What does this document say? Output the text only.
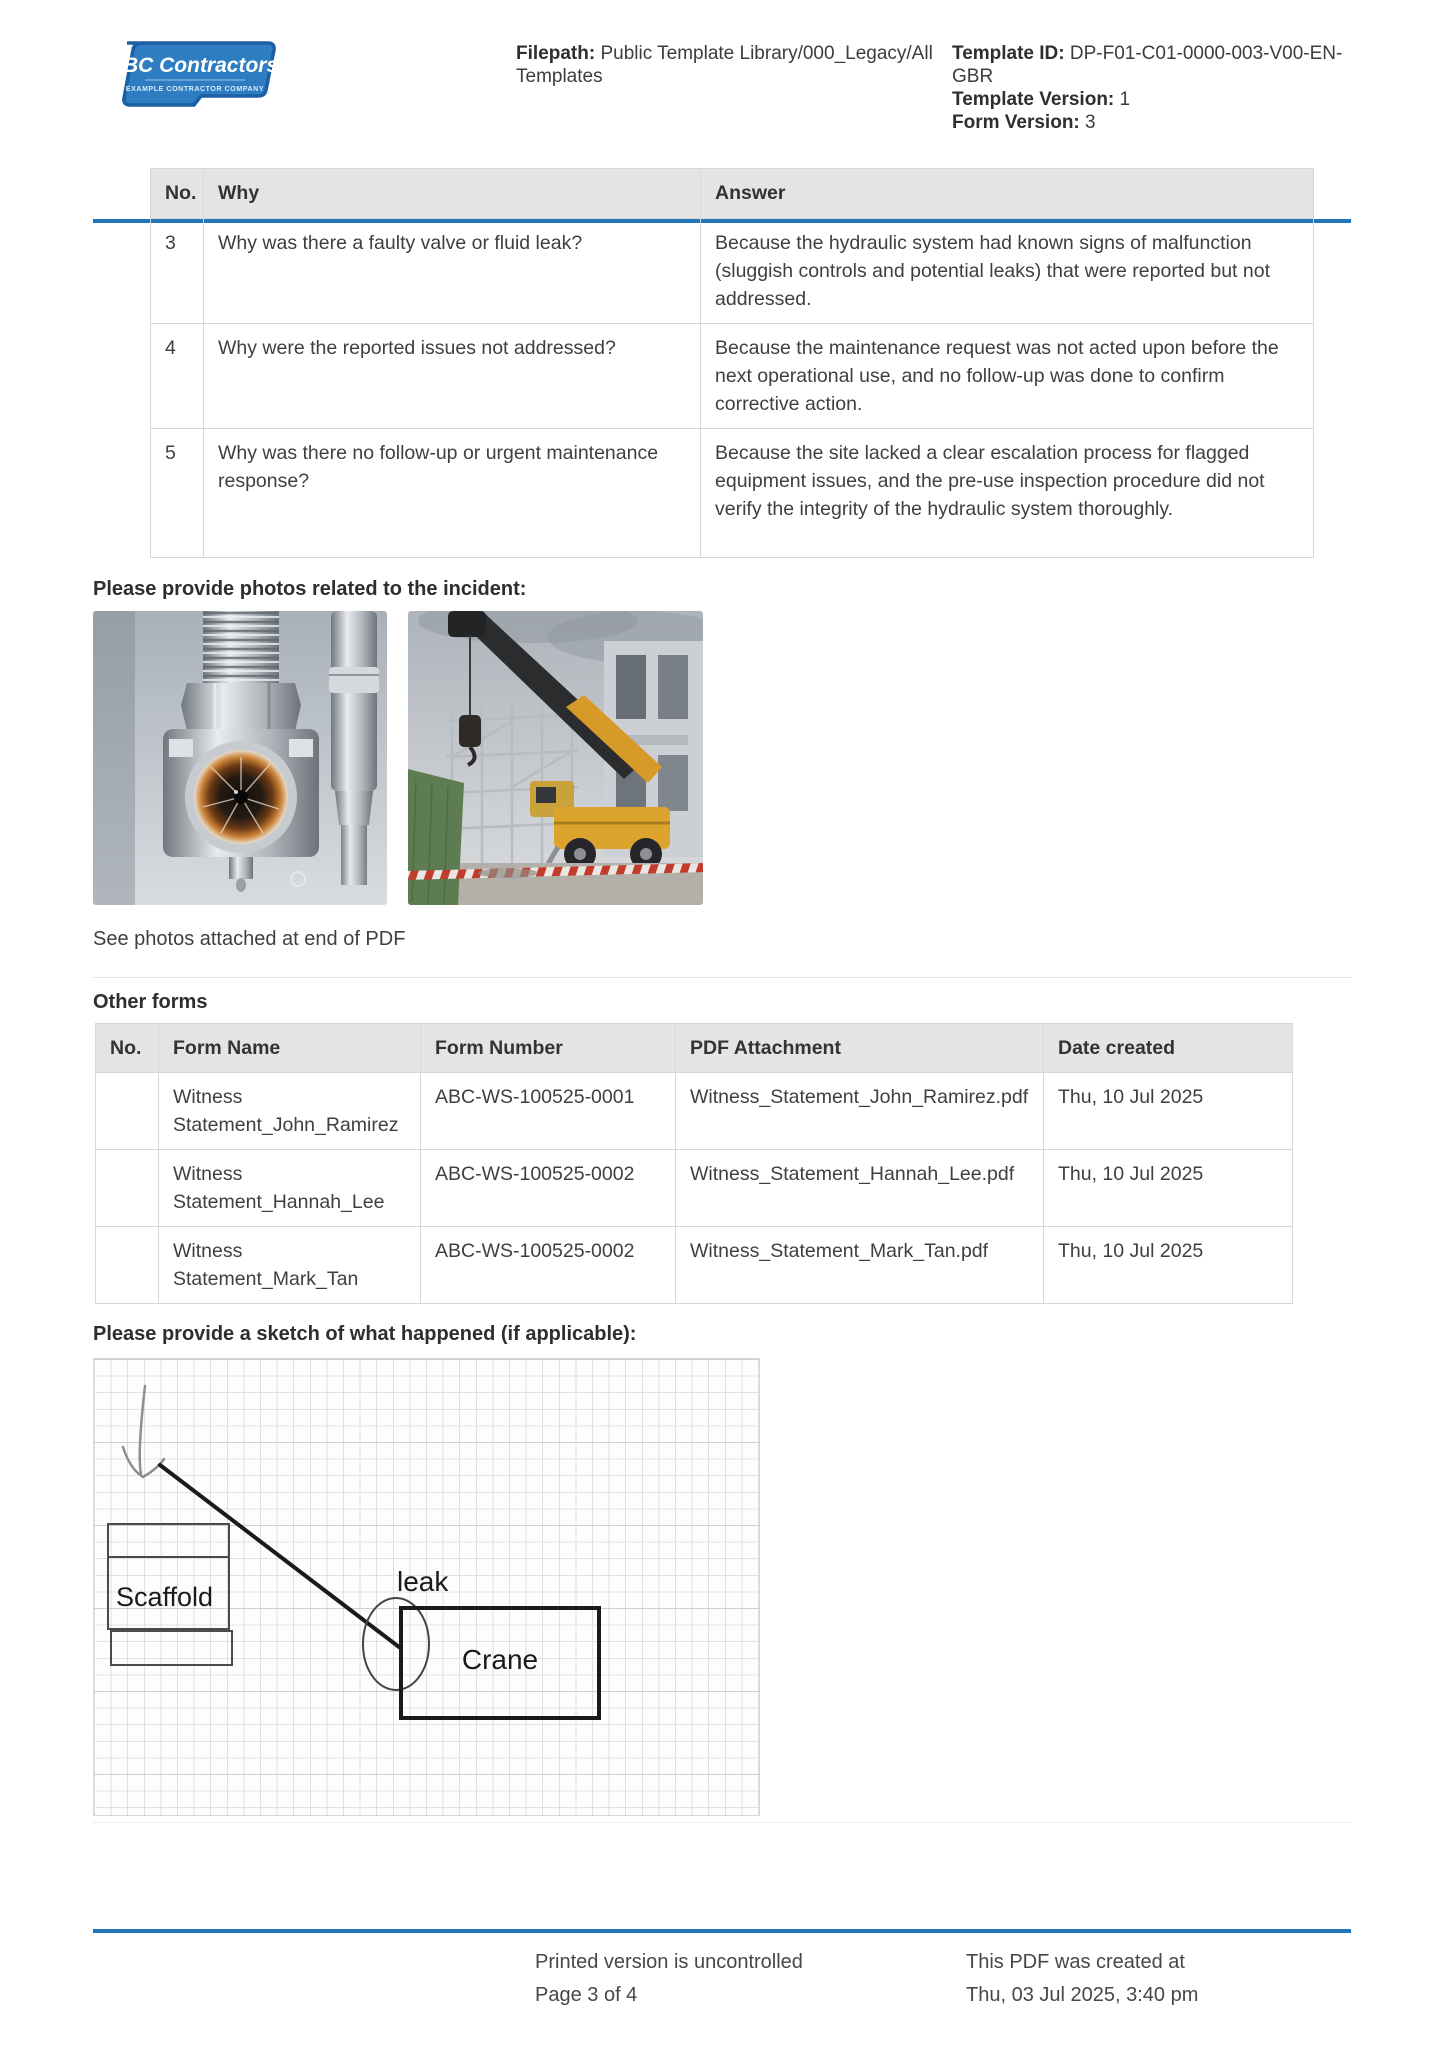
ABC Contractors
EXAMPLE CONTRACTOR COMPANY
Filepath: Public Template Library/000_Legacy/All Templates
Template ID: DP-F01-C01-0000-003-V00-EN-GBR
Template Version: 1
Form Version: 3
No.	Why	Answer
3	Why was there a faulty valve or fluid leak?	Because the hydraulic system had known signs of malfunction (sluggish controls and potential leaks) that were reported but not addressed.
4	Why were the reported issues not addressed?	Because the maintenance request was not acted upon before the next operational use, and no follow-up was done to confirm corrective action.
5	Why was there no follow-up or urgent maintenance response?	Because the site lacked a clear escalation process for flagged equipment issues, and the pre-use inspection procedure did not verify the integrity of the hydraulic system thoroughly.
Please provide photos related to the incident:
See photos attached at end of PDF
Other forms
No.	Form Name	Form Number	PDF Attachment	Date created
	Witness Statement_John_Ramirez	ABC-WS-100525-0001	Witness_Statement_John_Ramirez.pdf	Thu, 10 Jul 2025
	Witness Statement_Hannah_Lee	ABC-WS-100525-0002	Witness_Statement_Hannah_Lee.pdf	Thu, 10 Jul 2025
	Witness Statement_Mark_Tan	ABC-WS-100525-0002	Witness_Statement_Mark_Tan.pdf	Thu, 10 Jul 2025
Please provide a sketch of what happened (if applicable):
Scaffold	leak
Crane
Printed version is uncontrolled
Page 3 of 4
This PDF was created at
Thu, 03 Jul 2025, 3:40 pm
